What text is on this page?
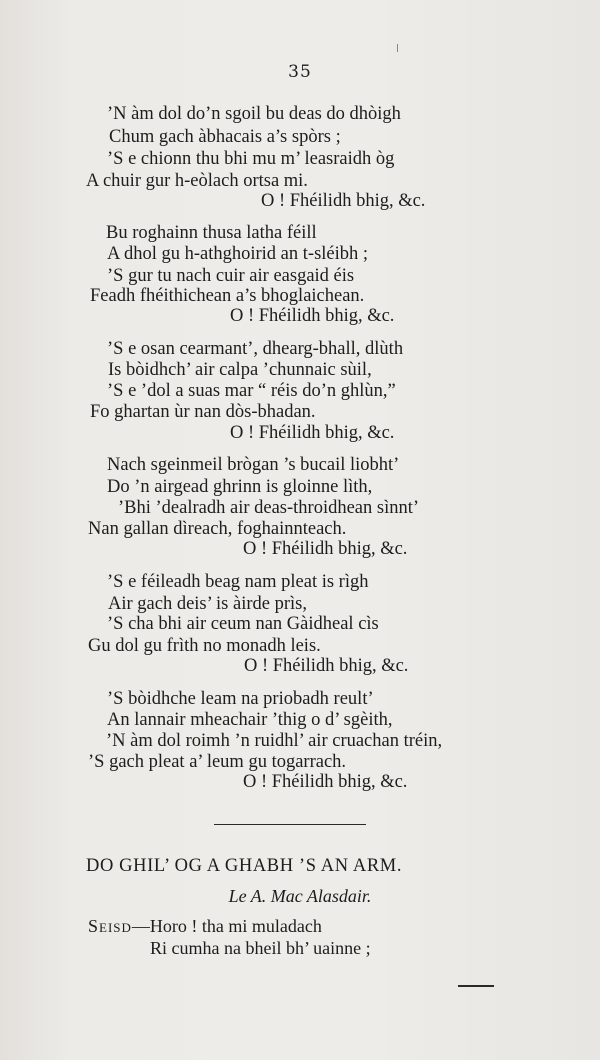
35
’N àm dol do’n sgoil bu deas do dhòigh
Chum gach àbhacais a’s spòrs ;
’S e chionn thu bhi mu m’ leasraidh òg
A chuir gur h-eòlach ortsa mi.
O ! Fhéilidh bhig, &c.
Bu roghainn thusa latha féill
A dhol gu h-athghoirid an t-sléibh ;
’S gur tu nach cuir air easgaid éis
Feadh fhéithichean a’s bhoglaichean.
O ! Fhéilidh bhig, &c.
’S e osan cearmant’, dhearg-bhall, dlùth
Is bòidhch’ air calpa ’chunnaic sùil,
’S e ’dol a suas mar “ réis do’n ghlùn,”
Fo ghartan ùr nan dòs-bhadan.
O ! Fhéilidh bhig, &c.
Nach sgeinmeil brògan ’s bucail liobht’
Do ’n airgead ghrinn is gloinne lìth,
’Bhi ’dealradh air deas-throidhean sìnnt’
Nan gallan dìreach, foghainnteach.
O ! Fhéilidh bhig, &c.
’S e féileadh beag nam pleat is rìgh
Air gach deis’ is àirde prìs,
’S cha bhi air ceum nan Gàidheal cìs
Gu dol gu frìth no monadh leis.
O ! Fhéilidh bhig, &c.
’S bòidhche leam na priobadh reult’
An lannair mheachair ’thig o d’ sgèith,
’N àm dol roimh ’n ruidhl’ air cruachan tréin,
’S gach pleat a’ leum gu togarrach.
O ! Fhéilidh bhig, &c.
DO GHIL’ OG A GHABH ’S AN ARM.
Le A. Mac Alasdair.
Seisd—Horo ! tha mi muladach
Ri cumha na bheil bh’ uainne ;
